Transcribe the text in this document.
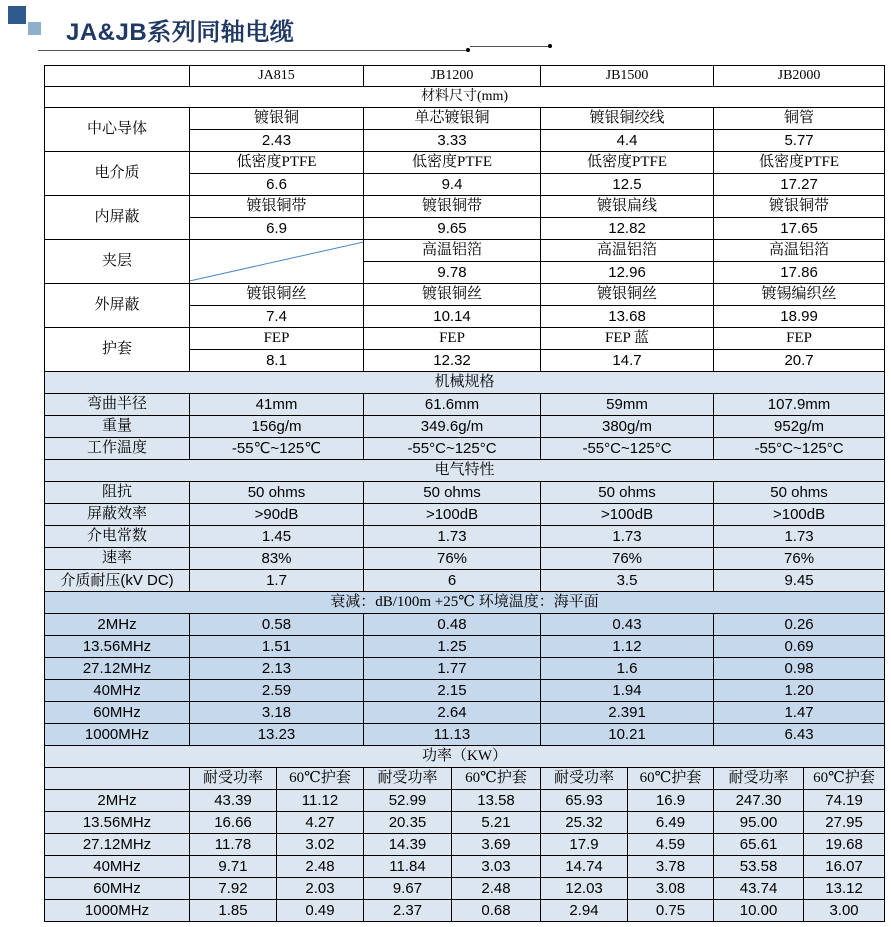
JA&JB系列同轴电缆
	JA815		JB1200		JB1500		JB2000	
材料尺寸(mm)								
中心导体	镀银铜		单芯镀银铜		镀银铜绞线		铜管	
	2.43		3.33		4.4		5.77	
电介质	低密度PTFE		低密度PTFE		低密度PTFE		低密度PTFE	
	6.6		9.4		12.5		17.27	
内屏蔽	镀银铜带		镀银铜带		镀银扁线		镀银铜带	
	6.9		9.65		12.82		17.65	
夹层			高温铝箔		高温铝箔		高温铝箔	
			9.78		12.96		17.86	
外屏蔽	镀银铜丝		镀银铜丝		镀银铜丝		镀锡编织丝	
	7.4		10.14		13.68		18.99	
护套	FEP		FEP		FEP 蓝		FEP	
	8.1		12.32		14.7		20.7	
机械规格								
弯曲半径	41mm		61.6mm		59mm		107.9mm	
重量	156g/m		349.6g/m		380g/m		952g/m	
工作温度	-55℃~125℃		-55°C~125°C		-55°C~125°C		-55°C~125°C	
电气特性								
阻抗	50 ohms		50 ohms		50 ohms		50 ohms	
屏蔽效率	>90dB		>100dB		>100dB		>100dB	
介电常数	1.45		1.73		1.73		1.73	
速率	83%		76%		76%		76%	
介质耐压(kV DC)	1.7		6		3.5		9.45	
衰减：dB/100m +25℃ 环境温度：海平面								
2MHz	0.58		0.48		0.43		0.26	
13.56MHz	1.51		1.25		1.12		0.69	
27.12MHz	2.13		1.77		1.6		0.98	
40MHz	2.59		2.15		1.94		1.20	
60MHz	3.18		2.64		2.391		1.47	
1000MHz	13.23		11.13		10.21		6.43	
功率（KW）								
	耐受功率	60℃护套	耐受功率	60℃护套	耐受功率	60℃护套	耐受功率	60℃护套
2MHz	43.39	11.12	52.99	13.58	65.93	16.9	247.30	74.19
13.56MHz	16.66	4.27	20.35	5.21	25.32	6.49	95.00	27.95
27.12MHz	11.78	3.02	14.39	3.69	17.9	4.59	65.61	19.68
40MHz	9.71	2.48	11.84	3.03	14.74	3.78	53.58	16.07
60MHz	7.92	2.03	9.67	2.48	12.03	3.08	43.74	13.12
1000MHz	1.85	0.49	2.37	0.68	2.94	0.75	10.00	3.00
